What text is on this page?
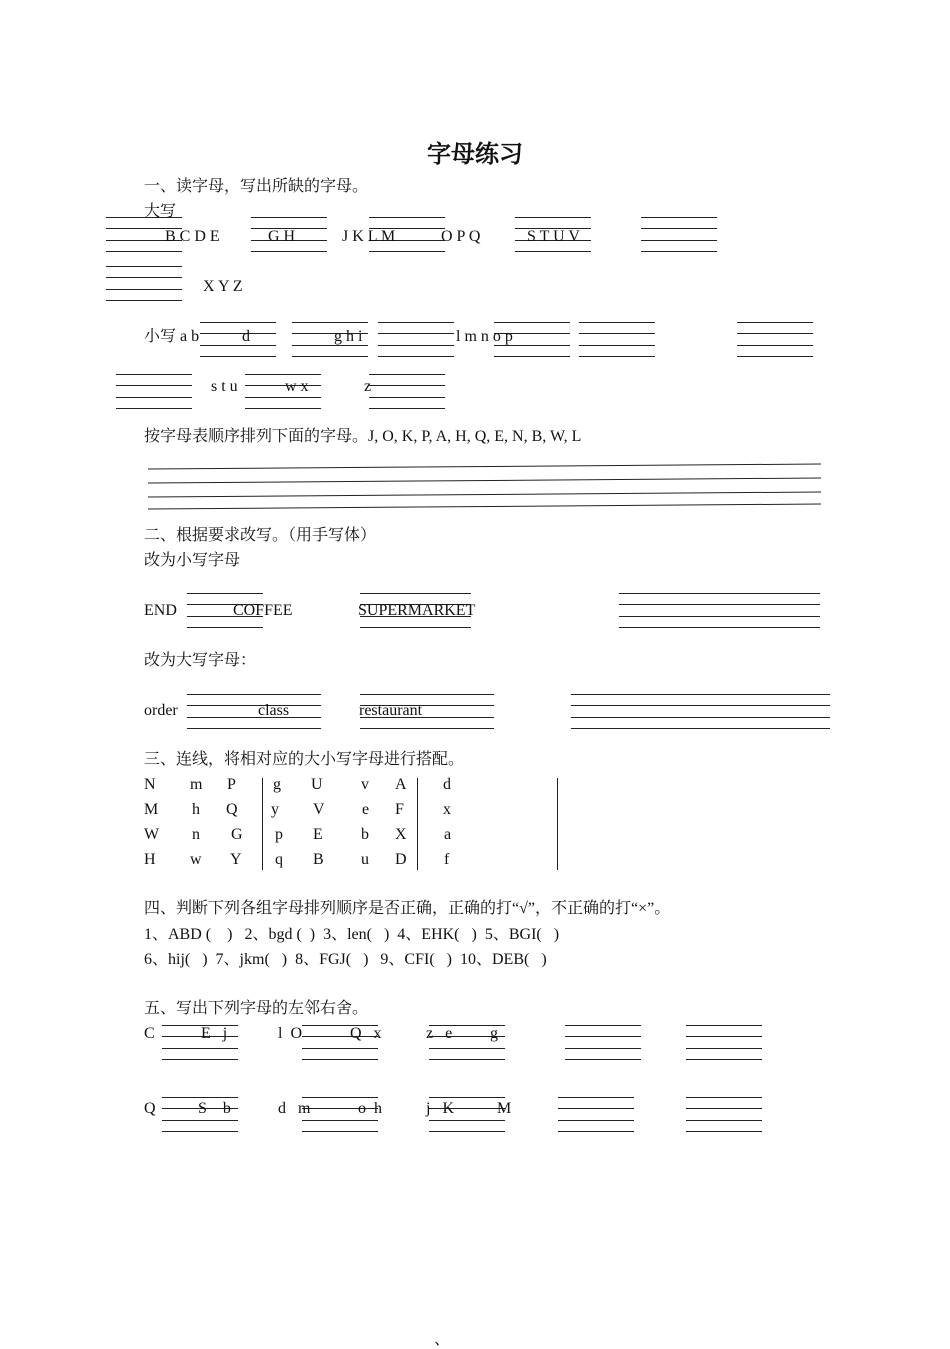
字母练习
一、读字母，写出所缺的字母。
大写
B C D E	G H	J K L M	O P Q	S T U V
X Y Z
小写 a b	d	g h i	l m n o p
s t u	w x	z
按字母表顺序排列下面的字母。J, O, K, P, A, H, Q, E, N, B, W, L
二、根据要求改写。（用手写体）
改为小写字母
END	COFFEE	SUPERMARKET
改为大写字母：
order	class	restaurant
三、连线，将相对应的大小写字母进行搭配。
N m P g U v A d
M h Q y V e F x
W n G p E b X a
H w Y q B u D f
四、判断下列各组字母排列顺序是否正确，正确的打“√”，不正确的打“×”。
1、ABD (    )   2、bgd (  )  3、len(   )  4、EHK(   )  5、BGI(   )
6、hij(   )  7、jkm(   )  8、FGJ(   )   9、CFI(   )  10、DEB(   )
五、写出下列字母的左邻右舍。
C	E   j	l  O	Q   x	z   e g
Q	S    b	d   m	o  h	j   K	M
、
